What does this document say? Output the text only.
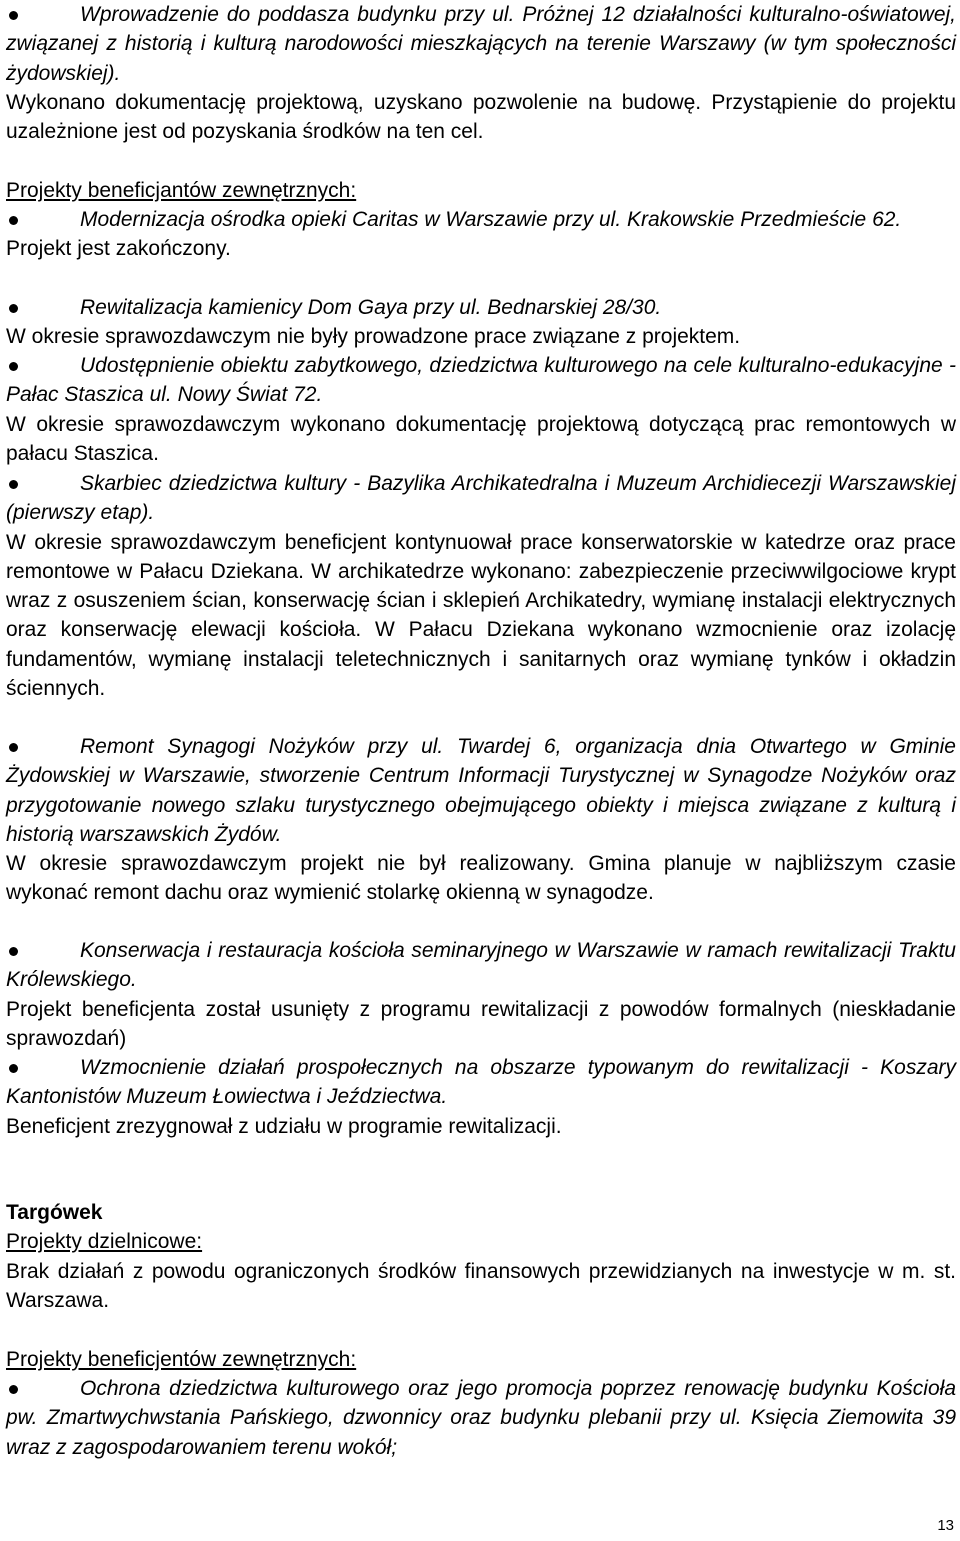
Wprowadzenie do poddasza budynku przy ul. Próżnej 12 działalności kulturalno-oświatowej, związanej z historią i kulturą narodowości mieszkających na terenie Warszawy (w tym społeczności żydowskiej).

Wykonano dokumentację projektową, uzyskano pozwolenie na budowę. Przystąpienie do projektu uzależnione jest od pozyskania środków na ten cel.

Projekty beneficjantów zewnętrznych:

Modernizacja ośrodka opieki Caritas w Warszawie przy ul. Krakowskie Przedmieście 62.

Projekt jest zakończony.

Rewitalizacja kamienicy Dom Gaya przy ul. Bednarskiej 28/30.

W okresie sprawozdawczym nie były prowadzone prace związane z projektem.

Udostępnienie obiektu zabytkowego, dziedzictwa kulturowego na cele kulturalno-edukacyjne - Pałac Staszica ul. Nowy Świat 72.

W okresie sprawozdawczym wykonano dokumentację projektową dotyczącą prac remontowych w pałacu Staszica.

Skarbiec dziedzictwa kultury - Bazylika Archikatedralna i Muzeum Archidiecezji Warszawskiej (pierwszy etap).

W okresie sprawozdawczym beneficjent kontynuował prace konserwatorskie w katedrze oraz prace remontowe w Pałacu Dziekana. W archikatedrze wykonano: zabezpieczenie przeciwwilgociowe krypt wraz z osuszeniem ścian, konserwację ścian i sklepień Archikatedry, wymianę instalacji elektrycznych oraz konserwację elewacji kościoła. W Pałacu Dziekana wykonano wzmocnienie oraz izolację fundamentów, wymianę instalacji teletechnicznych i sanitarnych oraz wymianę tynków i okładzin ściennych.

Remont Synagogi Nożyków przy ul. Twardej 6, organizacja dnia Otwartego w Gminie Żydowskiej w Warszawie, stworzenie Centrum Informacji Turystycznej w Synagodze Nożyków oraz przygotowanie nowego szlaku turystycznego obejmującego obiekty i miejsca związane z kulturą i historią warszawskich Żydów.

W okresie sprawozdawczym projekt nie był realizowany. Gmina planuje w najbliższym czasie wykonać remont dachu oraz wymienić stolarkę okienną w synagodze.

Konserwacja i restauracja kościoła seminaryjnego w Warszawie w ramach rewitalizacji Traktu Królewskiego.

Projekt beneficjenta został usunięty z programu rewitalizacji z powodów formalnych (nieskładanie sprawozdań)

Wzmocnienie działań prospołecznych na obszarze typowanym do rewitalizacji - Koszary Kantonistów Muzeum Łowiectwa i Jeździectwa.

Beneficjent zrezygnował z udziału w programie rewitalizacji.

Targówek

Projekty dzielnicowe:

Brak działań z powodu ograniczonych środków finansowych przewidzianych na inwestycje w m. st. Warszawa.

Projekty beneficjentów zewnętrznych:

Ochrona dziedzictwa kulturowego oraz jego promocja poprzez renowację budynku Kościoła pw. Zmartwychwstania Pańskiego, dzwonnicy oraz budynku plebanii przy ul. Księcia Ziemowita 39 wraz z zagospodarowaniem terenu wokół;

13
